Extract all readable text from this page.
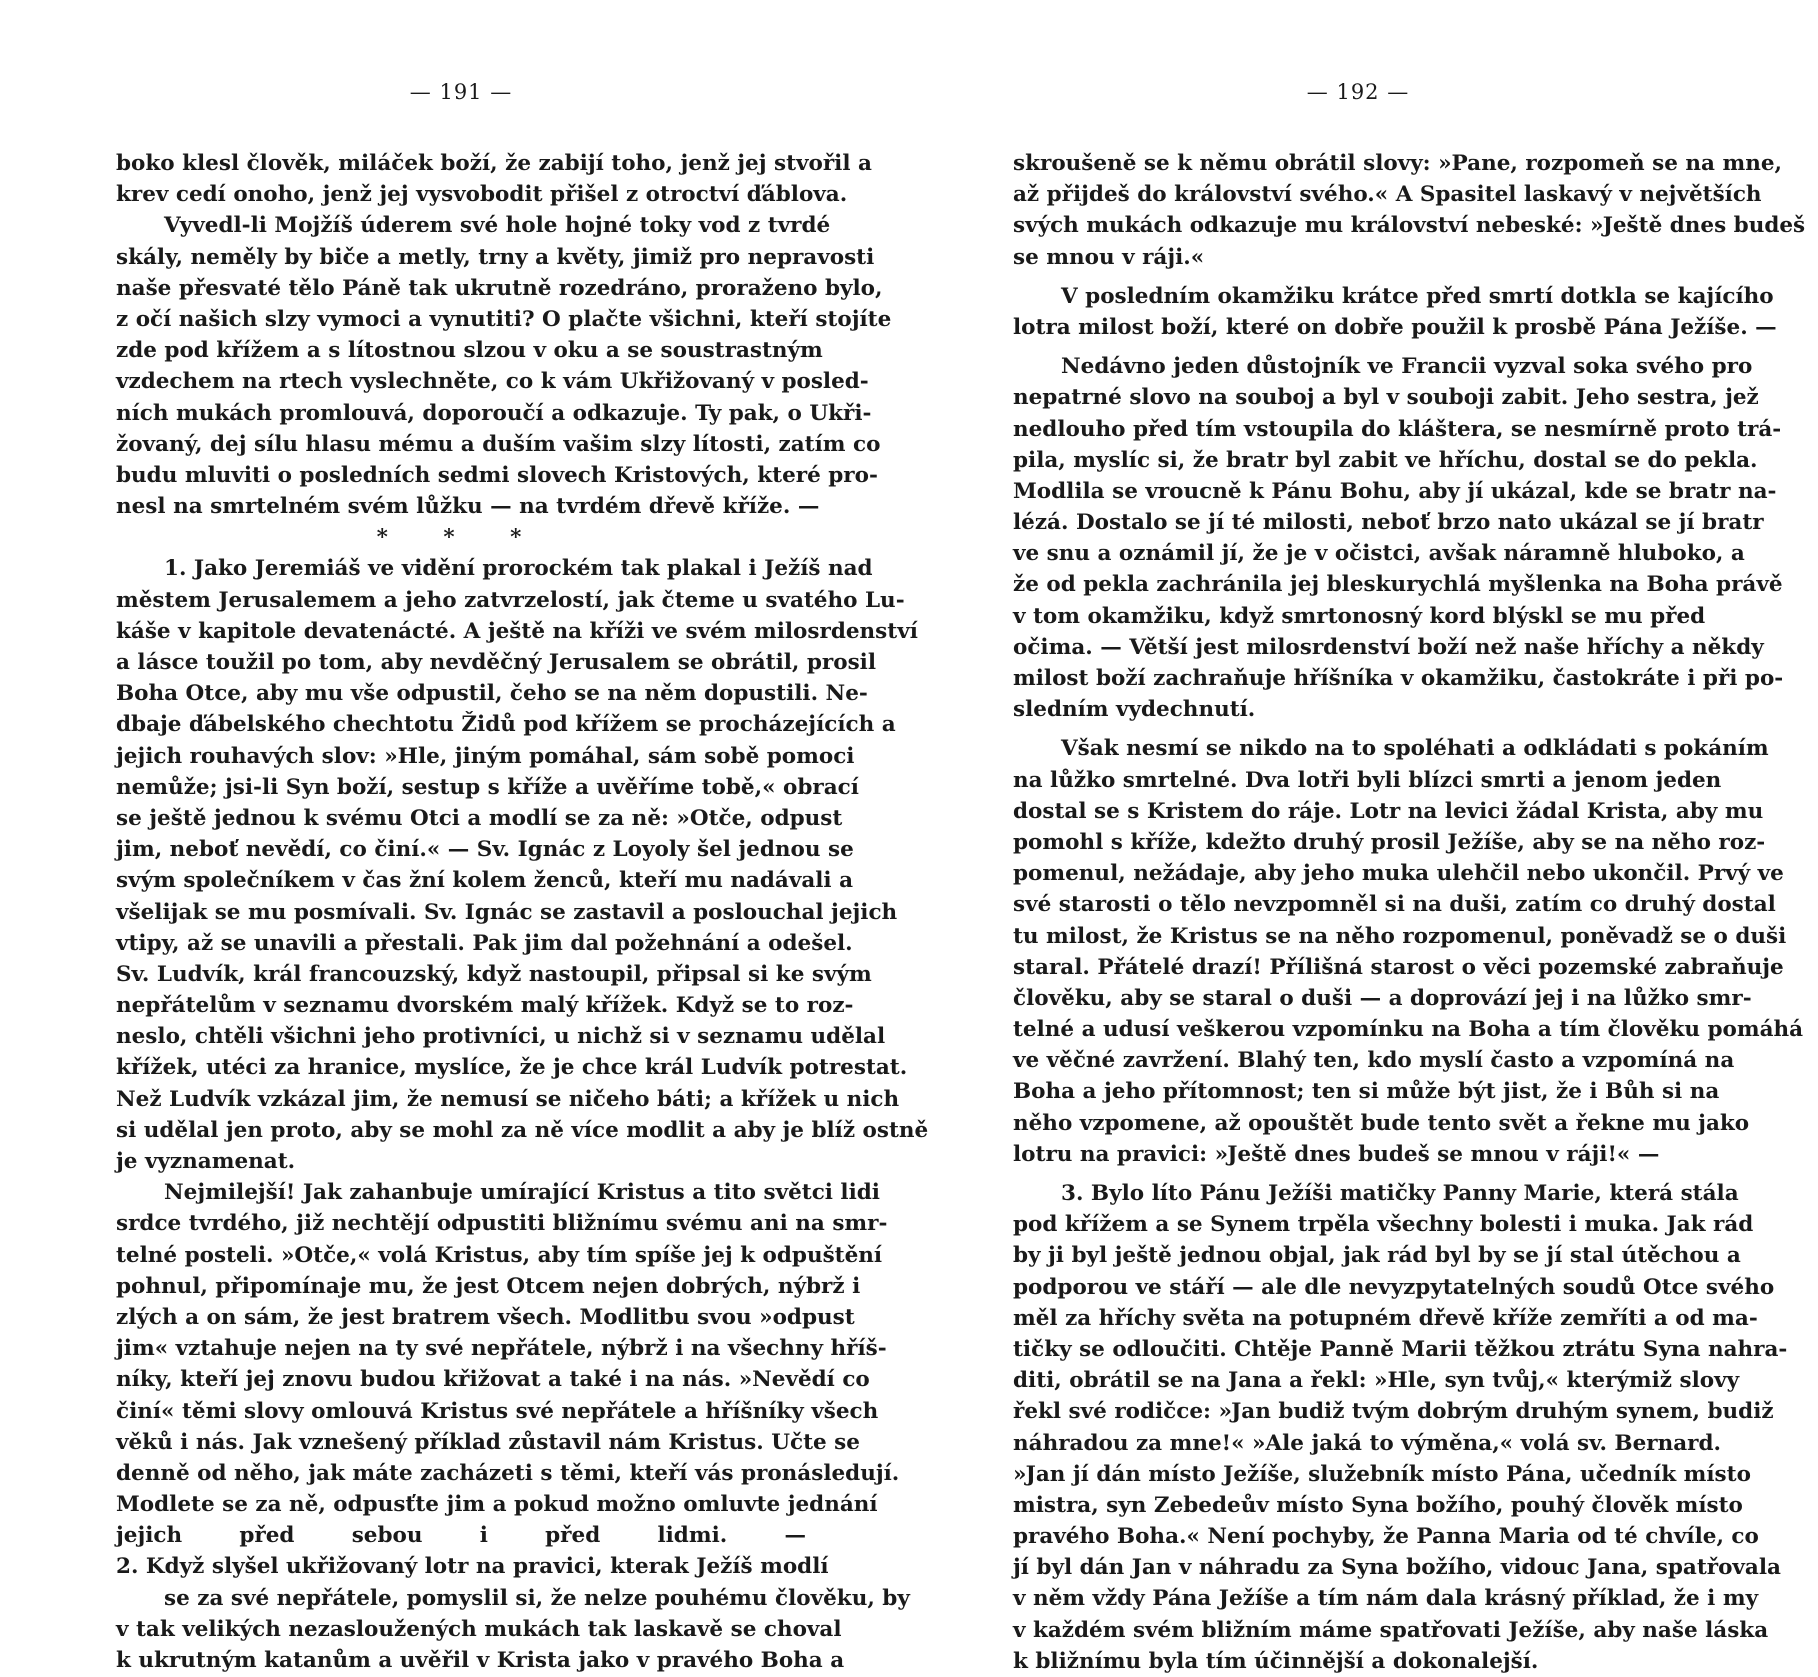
— 191 —
boko klesl člověk, miláček boží, že zabijí toho, jenž jej stvořil a
krev cedí onoho, jenž jej vysvobodit přišel z otroctví ďáblova.
Vyvedl-li Mojžíš úderem své hole hojné toky vod z tvrdé
skály, neměly by biče a metly, trny a květy, jimiž pro nepravosti
naše přesvaté tělo Páně tak ukrutně rozedráno, proraženo bylo,
z očí našich slzy vymoci a vynutiti? O plačte všichni, kteří stojíte
zde pod křížem a s lítostnou slzou v oku a se soustrastným
vzdechem na rtech vyslechněte, co k vám Ukřižovaný v posled-
ních mukách promlouvá, doporoučí a odkazuje. Ty pak, o Ukři-
žovaný, dej sílu hlasu mému a duším vašim slzy lítosti, zatím co
budu mluviti o posledních sedmi slovech Kristových, které pro-
nesl na smrtelném svém lůžku — na tvrdém dřevě kříže. —
* * *
1. Jako Jeremiáš ve vidění prorockém tak plakal i Ježíš nad
městem Jerusalemem a jeho zatvrzelostí, jak čteme u svatého Lu-
káše v kapitole devatenácté. A ještě na kříži ve svém milosrdenství
a lásce toužil po tom, aby nevděčný Jerusalem se obrátil, prosil
Boha Otce, aby mu vše odpustil, čeho se na něm dopustili. Ne-
dbaje ďábelského chechtotu Židů pod křížem se procházejících a
jejich rouhavých slov: »Hle, jiným pomáhal, sám sobě pomoci
nemůže; jsi-li Syn boží, sestup s kříže a uvěříme tobě,« obrací
se ještě jednou k svému Otci a modlí se za ně: »Otče, odpust
jim, neboť nevědí, co činí.« — Sv. Ignác z Loyoly šel jednou se
svým společníkem v čas žní kolem ženců, kteří mu nadávali a
všelijak se mu posmívali. Sv. Ignác se zastavil a poslouchal jejich
vtipy, až se unavili a přestali. Pak jim dal požehnání a odešel.
Sv. Ludvík, král francouzský, když nastoupil, připsal si ke svým
nepřátelům v seznamu dvorském malý křížek. Když se to roz-
neslo, chtěli všichni jeho protivníci, u nichž si v seznamu udělal
křížek, utéci za hranice, myslíce, že je chce král Ludvík potrestat.
Než Ludvík vzkázal jim, že nemusí se ničeho báti; a křížek u nich
si udělal jen proto, aby se mohl za ně více modlit a aby je blíž ostně
je vyznamenat.
Nejmilejší! Jak zahanbuje umírající Kristus a tito světci lidi
srdce tvrdého, již nechtějí odpustiti bližnímu svému ani na smr-
telné posteli. »Otče,« volá Kristus, aby tím spíše jej k odpuštění
pohnul, připomínaje mu, že jest Otcem nejen dobrých, nýbrž i
zlých a on sám, že jest bratrem všech. Modlitbu svou »odpust
jim« vztahuje nejen na ty své nepřátele, nýbrž i na všechny hříš-
níky, kteří jej znovu budou křižovat a také i na nás. »Nevědí co
činí« těmi slovy omlouvá Kristus své nepřátele a hříšníky všech
věků i nás. Jak vznešený příklad zůstavil nám Kristus. Učte se
denně od něho, jak máte zacházeti s těmi, kteří vás pronásledují.
Modlete se za ně, odpusťte jim a pokud možno omluvte jednání
jejich před sebou i před lidmi. —
2. Když slyšel ukřižovaný lotr na pravici, kterak Ježíš modlí
se za své nepřátele, pomyslil si, že nelze pouhému člověku, by
v tak velikých nezasloužených mukách tak laskavě se choval
k ukrutným katanům a uvěřil v Krista jako v pravého Boha a
— 192 —
skroušeně se k němu obrátil slovy: »Pane, rozpomeň se na mne,
až přijdeš do království svého.« A Spasitel laskavý v největších
svých mukách odkazuje mu království nebeské: »Ještě dnes budeš
se mnou v ráji.«
V posledním okamžiku krátce před smrtí dotkla se kajícího
lotra milost boží, které on dobře použil k prosbě Pána Ježíše. —
Nedávno jeden důstojník ve Francii vyzval soka svého pro
nepatrné slovo na souboj a byl v souboji zabit. Jeho sestra, jež
nedlouho před tím vstoupila do kláštera, se nesmírně proto trá-
pila, myslíc si, že bratr byl zabit ve hříchu, dostal se do pekla.
Modlila se vroucně k Pánu Bohu, aby jí ukázal, kde se bratr na-
lézá. Dostalo se jí té milosti, neboť brzo nato ukázal se jí bratr
ve snu a oznámil jí, že je v očistci, avšak náramně hluboko, a
že od pekla zachránila jej bleskurychlá myšlenka na Boha právě
v tom okamžiku, když smrtonosný kord blýskl se mu před
očima. — Větší jest milosrdenství boží než naše hříchy a někdy
milost boží zachraňuje hříšníka v okamžiku, častokráte i při po-
sledním vydechnutí.
Však nesmí se nikdo na to spoléhati a odkládati s pokáním
na lůžko smrtelné. Dva lotři byli blízci smrti a jenom jeden
dostal se s Kristem do ráje. Lotr na levici žádal Krista, aby mu
pomohl s kříže, kdežto druhý prosil Ježíše, aby se na něho roz-
pomenul, nežádaje, aby jeho muka ulehčil nebo ukončil. Prvý ve
své starosti o tělo nevzpomněl si na duši, zatím co druhý dostal
tu milost, že Kristus se na něho rozpomenul, poněvadž se o duši
staral. Přátelé drazí! Přílišná starost o věci pozemské zabraňuje
člověku, aby se staral o duši — a doprovází jej i na lůžko smr-
telné a udusí veškerou vzpomínku na Boha a tím člověku pomáhá
ve věčné zavržení. Blahý ten, kdo myslí často a vzpomíná na
Boha a jeho přítomnost; ten si může být jist, že i Bůh si na
něho vzpomene, až opouštět bude tento svět a řekne mu jako
lotru na pravici: »Ještě dnes budeš se mnou v ráji!« —
3. Bylo líto Pánu Ježíši matičky Panny Marie, která stála
pod křížem a se Synem trpěla všechny bolesti i muka. Jak rád
by ji byl ještě jednou objal, jak rád byl by se jí stal útěchou a
podporou ve stáří — ale dle nevyzpytatelných soudů Otce svého
měl za hříchy světa na potupném dřevě kříže zemříti a od ma-
tičky se odloučiti. Chtěje Panně Marii těžkou ztrátu Syna nahra-
diti, obrátil se na Jana a řekl: »Hle, syn tvůj,« kterýmiž slovy
řekl své rodičce: »Jan budiž tvým dobrým druhým synem, budiž
náhradou za mne!« »Ale jaká to výměna,« volá sv. Bernard.
»Jan jí dán místo Ježíše, služebník místo Pána, učedník místo
mistra, syn Zebedeův místo Syna božího, pouhý člověk místo
pravého Boha.« Není pochyby, že Panna Maria od té chvíle, co
jí byl dán Jan v náhradu za Syna božího, vidouc Jana, spatřovala
v něm vždy Pána Ježíše a tím nám dala krásný příklad, že i my
v každém svém bližním máme spatřovati Ježíše, aby naše láska
k bližnímu byla tím účinnější a dokonalejší.
